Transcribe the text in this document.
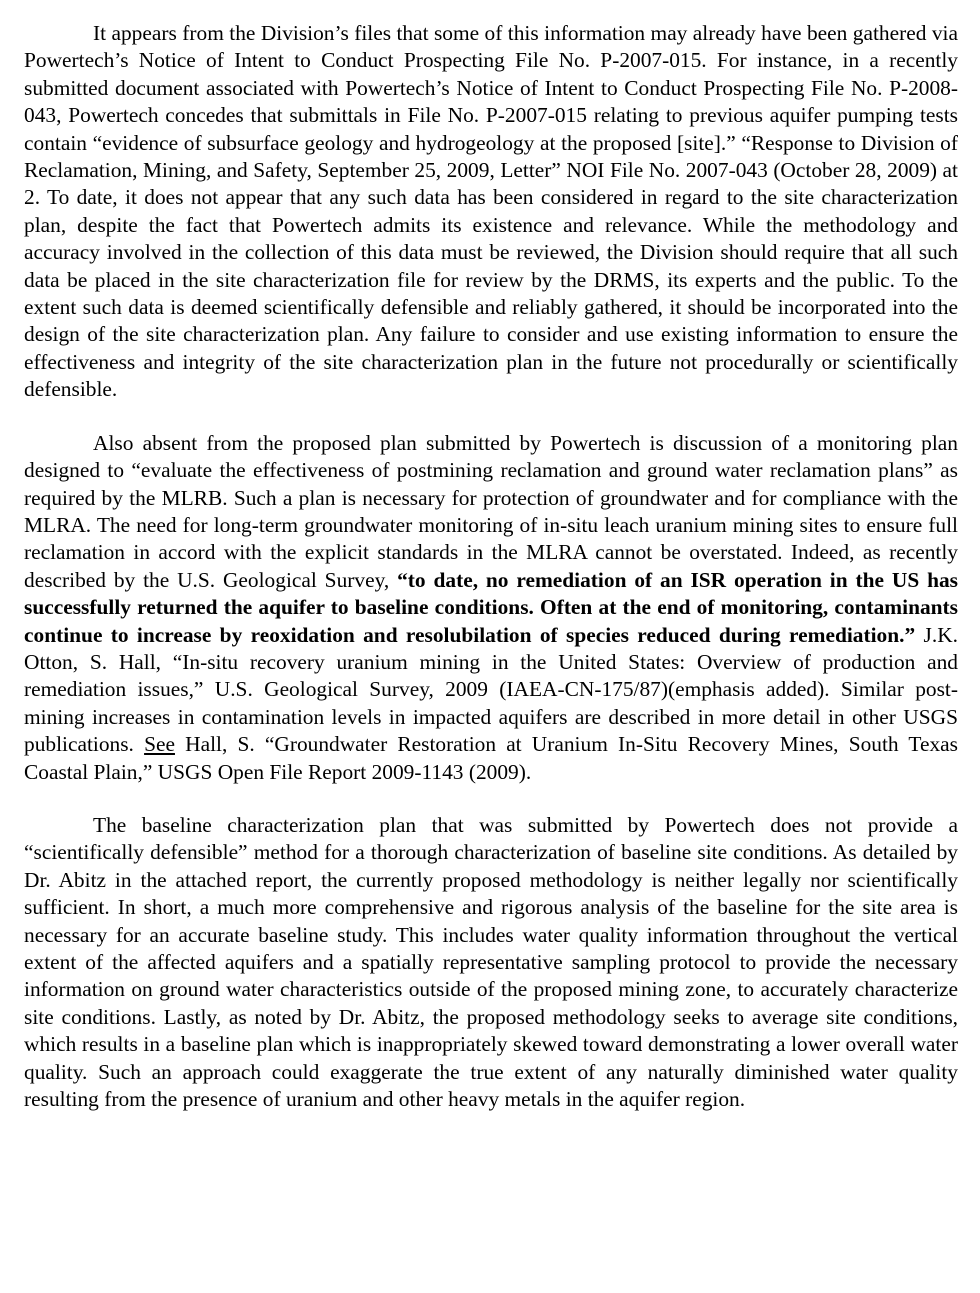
It appears from the Division’s files that some of this information may already have been gathered via Powertech’s Notice of Intent to Conduct Prospecting File No. P-2007-015. For instance, in a recently submitted document associated with Powertech’s Notice of Intent to Conduct Prospecting File No. P-2008-043, Powertech concedes that submittals in File No. P-2007-015 relating to previous aquifer pumping tests contain “evidence of subsurface geology and hydrogeology at the proposed [site].” “Response to Division of Reclamation, Mining, and Safety, September 25, 2009, Letter” NOI File No. 2007-043 (October 28, 2009) at 2. To date, it does not appear that any such data has been considered in regard to the site characterization plan, despite the fact that Powertech admits its existence and relevance. While the methodology and accuracy involved in the collection of this data must be reviewed, the Division should require that all such data be placed in the site characterization file for review by the DRMS, its experts and the public. To the extent such data is deemed scientifically defensible and reliably gathered, it should be incorporated into the design of the site characterization plan. Any failure to consider and use existing information to ensure the effectiveness and integrity of the site characterization plan in the future not procedurally or scientifically defensible.

Also absent from the proposed plan submitted by Powertech is discussion of a monitoring plan designed to “evaluate the effectiveness of postmining reclamation and ground water reclamation plans” as required by the MLRB. Such a plan is necessary for protection of groundwater and for compliance with the MLRA. The need for long-term groundwater monitoring of in-situ leach uranium mining sites to ensure full reclamation in accord with the explicit standards in the MLRA cannot be overstated. Indeed, as recently described by the U.S. Geological Survey, “to date, no remediation of an ISR operation in the US has successfully returned the aquifer to baseline conditions. Often at the end of monitoring, contaminants continue to increase by reoxidation and resolubilation of species reduced during remediation.” J.K. Otton, S. Hall, “In-situ recovery uranium mining in the United States: Overview of production and remediation issues,” U.S. Geological Survey, 2009 (IAEA-CN-175/87)(emphasis added). Similar post-mining increases in contamination levels in impacted aquifers are described in more detail in other USGS publications. See Hall, S. “Groundwater Restoration at Uranium In-Situ Recovery Mines, South Texas Coastal Plain,” USGS Open File Report 2009-1143 (2009).

The baseline characterization plan that was submitted by Powertech does not provide a “scientifically defensible” method for a thorough characterization of baseline site conditions. As detailed by Dr. Abitz in the attached report, the currently proposed methodology is neither legally nor scientifically sufficient. In short, a much more comprehensive and rigorous analysis of the baseline for the site area is necessary for an accurate baseline study. This includes water quality information throughout the vertical extent of the affected aquifers and a spatially representative sampling protocol to provide the necessary information on ground water characteristics outside of the proposed mining zone, to accurately characterize site conditions. Lastly, as noted by Dr. Abitz, the proposed methodology seeks to average site conditions, which results in a baseline plan which is inappropriately skewed toward demonstrating a lower overall water quality. Such an approach could exaggerate the true extent of any naturally diminished water quality resulting from the presence of uranium and other heavy metals in the aquifer region.
